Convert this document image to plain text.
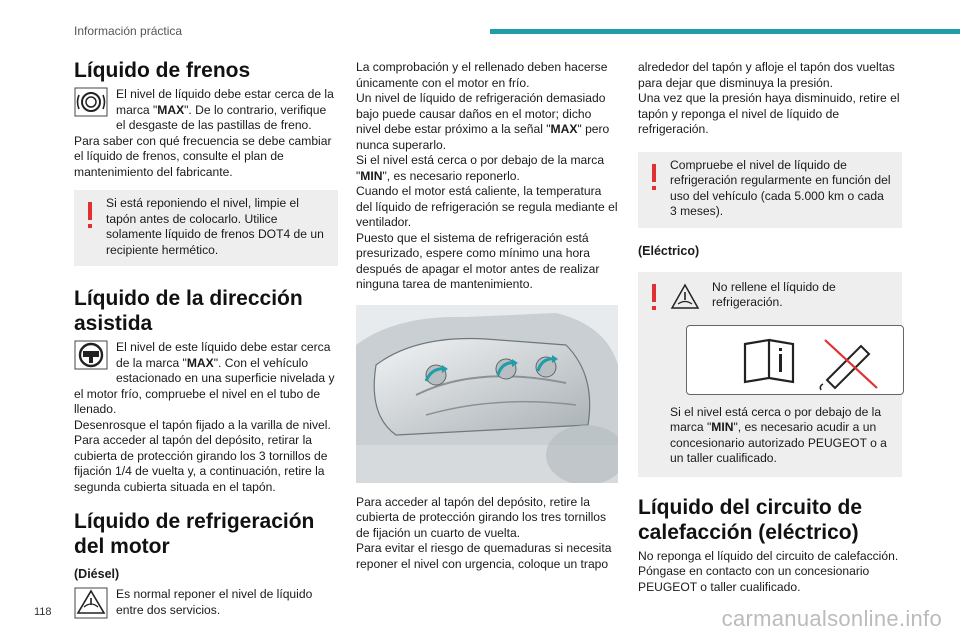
Información práctica
Líquido de frenos
El nivel de líquido debe estar cerca de la marca "MAX". De lo contrario, verifique el desgaste de las pastillas de freno.
Para saber con qué frecuencia se debe cambiar el líquido de frenos, consulte el plan de mantenimiento del fabricante.
Si está reponiendo el nivel, limpie el tapón antes de colocarlo. Utilice solamente líquido de frenos DOT4 de un recipiente hermético.
Líquido de la dirección asistida
El nivel de este líquido debe estar cerca de la marca "MAX". Con el vehículo estacionado en una superficie nivelada y el motor frío, compruebe el nivel en el tubo de llenado.
Desenrosque el tapón fijado a la varilla de nivel. Para acceder al tapón del depósito, retirar la cubierta de protección girando los 3 tornillos de fijación 1/4 de vuelta y, a continuación, retire la segunda cubierta situada en el tapón.
Líquido de refrigeración del motor
(Diésel)
Es normal reponer el nivel de líquido entre dos servicios.
La comprobación y el rellenado deben hacerse únicamente con el motor en frío.
Un nivel de líquido de refrigeración demasiado bajo puede causar daños en el motor; dicho nivel debe estar próximo a la señal "MAX" pero nunca superarlo.
Si el nivel está cerca o por debajo de la marca "MIN", es necesario reponerlo.
Cuando el motor está caliente, la temperatura del líquido de refrigeración se regula mediante el ventilador.
Puesto que el sistema de refrigeración está presurizado, espere como mínimo una hora después de apagar el motor antes de realizar ninguna tarea de mantenimiento.
Para acceder al tapón del depósito, retire la cubierta de protección girando los tres tornillos de fijación un cuarto de vuelta.
Para evitar el riesgo de quemaduras si necesita reponer el nivel con urgencia, coloque un trapo
alrededor del tapón y afloje el tapón dos vueltas para dejar que disminuya la presión.
Una vez que la presión haya disminuido, retire el tapón y reponga el nivel de líquido de refrigeración.
Compruebe el nivel de líquido de refrigeración regularmente en función del uso del vehículo (cada 5.000 km o cada 3 meses).
(Eléctrico)
No rellene el líquido de refrigeración.
Si el nivel está cerca o por debajo de la marca "MIN", es necesario acudir a un concesionario autorizado PEUGEOT o a un taller cualificado.
Líquido del circuito de calefacción (eléctrico)
No reponga el líquido del circuito de calefacción. Póngase en contacto con un concesionario PEUGEOT o taller cualificado.
118	carmanualsonline.info
